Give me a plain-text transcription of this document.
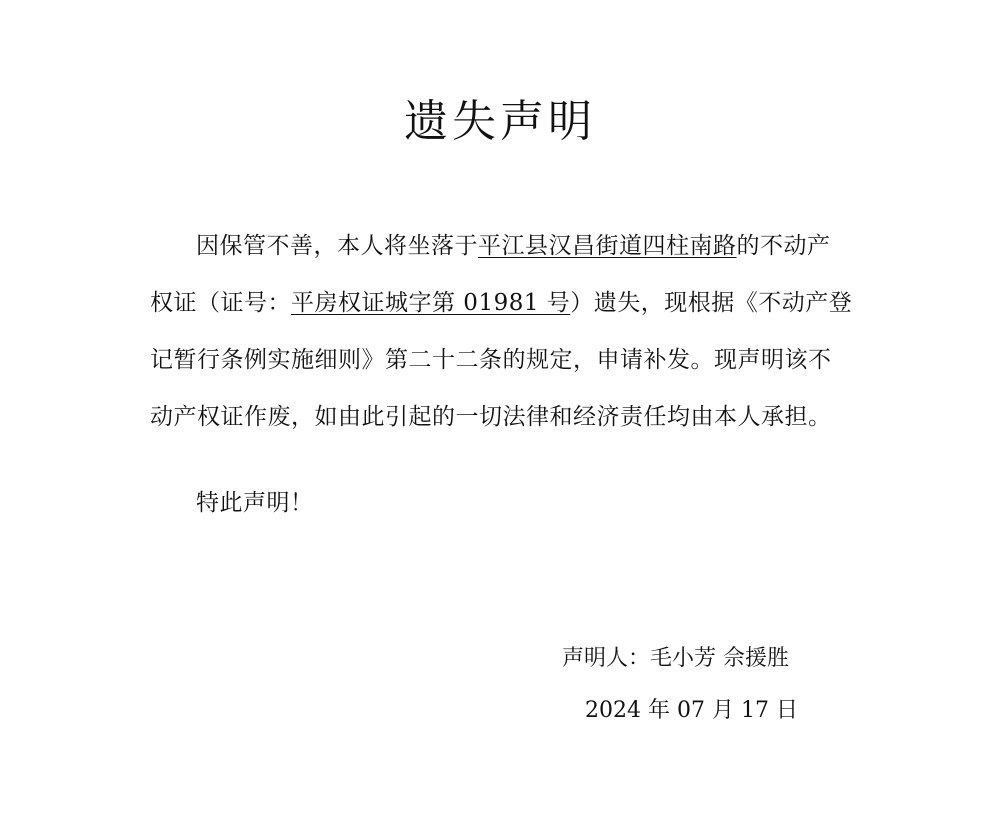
遗失声明
因保管不善，本人将坐落于平江县汉昌街道四柱南路的不动产
权证（证号：平房权证城字第 01981 号）遗失，现根据《不动产登
记暂行条例实施细则》第二十二条的规定，申请补发。现声明该不
动产权证作废，如由此引起的一切法律和经济责任均由本人承担。
特此声明！
声明人：毛小芳 佘援胜
2024 年 07 月 17 日
